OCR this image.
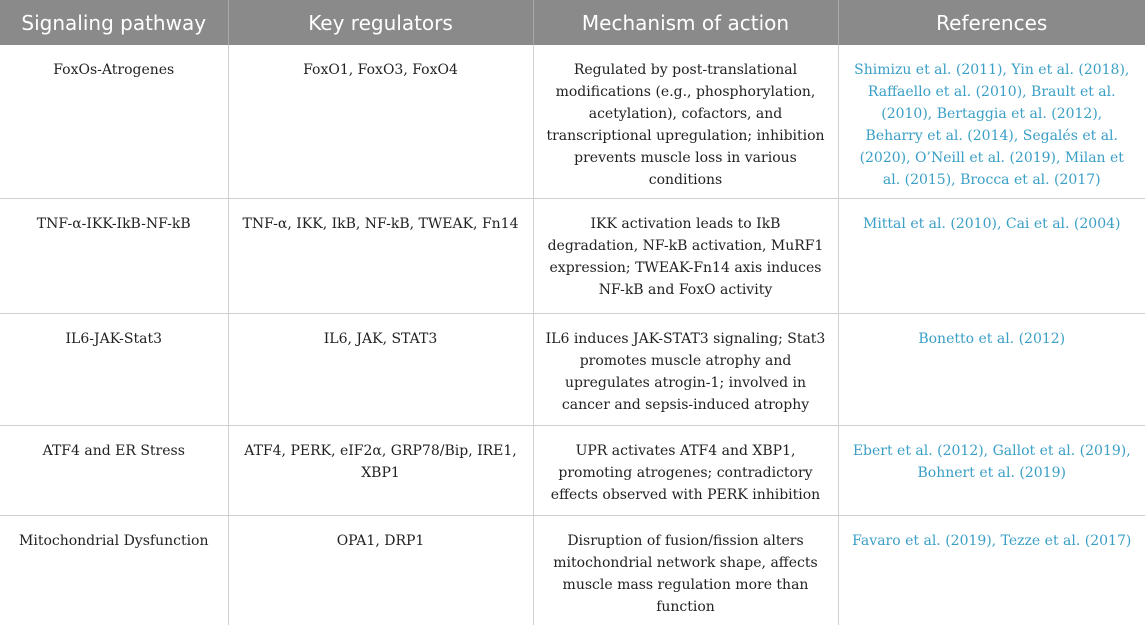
Signaling pathway	Key regulators	Mechanism of action	References
FoxOs-Atrogenes	FoxO1, FoxO3, FoxO4	Regulated by post-translational modifications (e.g., phosphorylation, acetylation), cofactors, and transcriptional upregulation; inhibition prevents muscle loss in various conditions	Shimizu et al. (2011), Yin et al. (2018), Raffaello et al. (2010), Brault et al. (2010), Bertaggia et al. (2012), Beharry et al. (2014), Segalés et al. (2020), O’Neill et al. (2019), Milan et al. (2015), Brocca et al. (2017)
TNF-α-IKK-IkB-NF-kB	TNF-α, IKK, IkB, NF-kB, TWEAK, Fn14	IKK activation leads to IkB degradation, NF-kB activation, MuRF1 expression; TWEAK-Fn14 axis induces NF-kB and FoxO activity	Mittal et al. (2010), Cai et al. (2004)
IL6-JAK-Stat3	IL6, JAK, STAT3	IL6 induces JAK-STAT3 signaling; Stat3 promotes muscle atrophy and upregulates atrogin-1; involved in cancer and sepsis-induced atrophy	Bonetto et al. (2012)
ATF4 and ER Stress	ATF4, PERK, eIF2α, GRP78/Bip, IRE1, XBP1	UPR activates ATF4 and XBP1, promoting atrogenes; contradictory effects observed with PERK inhibition	Ebert et al. (2012), Gallot et al. (2019), Bohnert et al. (2019)
Mitochondrial Dysfunction	OPA1, DRP1	Disruption of fusion/fission alters mitochondrial network shape, affects muscle mass regulation more than function	Favaro et al. (2019), Tezze et al. (2017)
